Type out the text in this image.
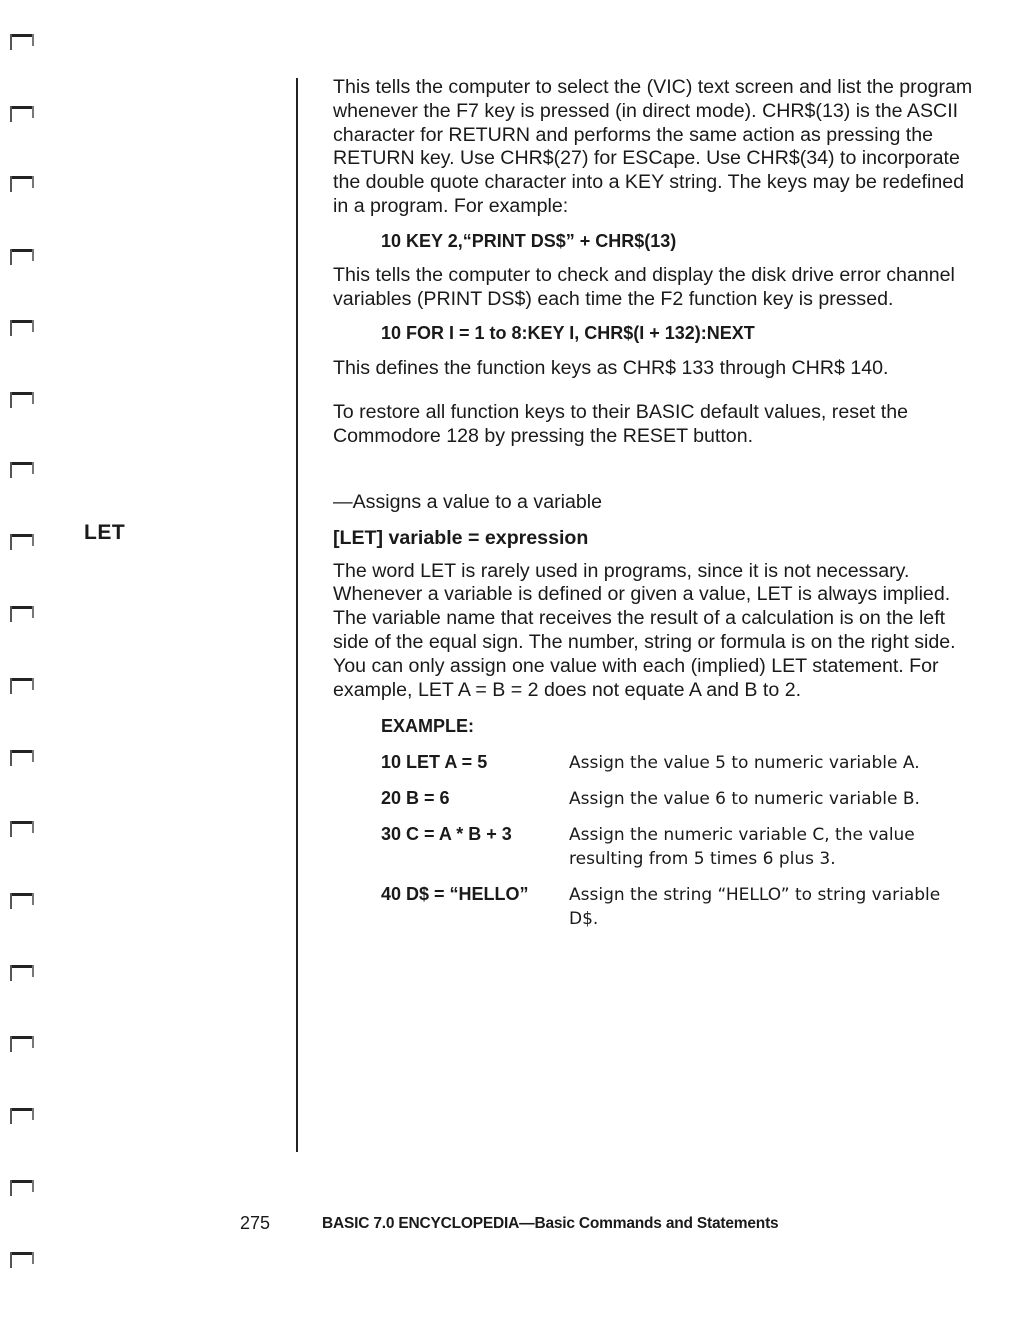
LET

This tells the computer to select the (VIC) text screen and list the program whenever the F7 key is pressed (in direct mode). CHR$(13) is the ASCII character for RETURN and performs the same action as pressing the RETURN key. Use CHR$(27) for ESCape. Use CHR$(34) to incorporate the double quote character into a KEY string. The keys may be redefined in a program. For example:

10 KEY 2,“PRINT DS$” + CHR$(13)

This tells the computer to check and display the disk drive error channel variables (PRINT DS$) each time the F2 function key is pressed.

10 FOR I = 1 to 8:KEY I, CHR$(I + 132):NEXT

This defines the function keys as CHR$ 133 through CHR$ 140.

To restore all function keys to their BASIC default values, reset the Commodore 128 by pressing the RESET button.

—Assigns a value to a variable

[LET] variable = expression

The word LET is rarely used in programs, since it is not necessary. Whenever a variable is defined or given a value, LET is always implied. The variable name that receives the result of a calculation is on the left side of the equal sign. The number, string or formula is on the right side. You can only assign one value with each (implied) LET statement. For example, LET A = B = 2 does not equate A and B to 2.

EXAMPLE:
10 LET A = 5	Assign the value 5 to numeric variable A.
20 B = 6	Assign the value 6 to numeric variable B.
30 C = A * B + 3	Assign the numeric variable C, the value resulting from 5 times 6 plus 3.
40 D$ = “HELLO”	Assign the string “HELLO” to string variable D$.
275	BASIC 7.0 ENCYCLOPEDIA—Basic Commands and Statements
